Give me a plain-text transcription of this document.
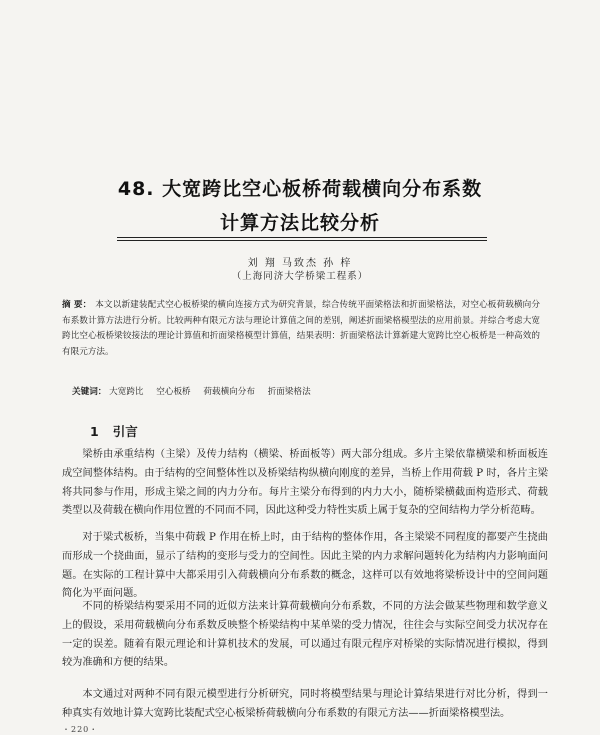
48. 大宽跨比空心板桥荷载横向分布系数
计算方法比较分析
刘 翔 马致杰 孙 梓
（上海同济大学桥梁工程系）
摘 要： 本文以新建装配式空心板桥梁的横向连接方式为研究背景，综合传统平面梁格法和折面梁格法，对空心板荷载横向分布系数计算方法进行分析。比较两种有限元方法与理论计算值之间的差别，阐述折面梁格模型法的应用前景。并综合考虑大宽跨比空心板桥梁铰接法的理论计算值和折面梁格模型计算值，结果表明：折面梁格法计算新建大宽跨比空心板桥是一种高效的有限元方法。
关键词： 大宽跨比 空心板桥 荷载横向分布 折面梁格法
1 引言

梁桥由承重结构（主梁）及传力结构（横梁、桥面板等）两大部分组成。多片主梁依靠横梁和桥面板连成空间整体结构。由于结构的空间整体性以及桥梁结构纵横向刚度的差异，当桥上作用荷载 P 时，各片主梁将共同参与作用，形成主梁之间的内力分布。每片主梁分布得到的内力大小，随桥梁横截面构造形式、荷载类型以及荷载在横向作用位置的不同而不同，因此这种受力特性实质上属于复杂的空间结构力学分析范畴。

对于梁式板桥，当集中荷载 P 作用在桥上时，由于结构的整体作用，各主梁梁不同程度的都要产生挠曲而形成一个挠曲面，显示了结构的变形与受力的空间性。因此主梁的内力求解问题转化为结构内力影响面问题。在实际的工程计算中大都采用引入荷载横向分布系数的概念，这样可以有效地将梁桥设计中的空间问题简化为平面问题。

不同的桥梁结构要采用不同的近似方法来计算荷载横向分布系数，不同的方法会做某些物理和数学意义上的假设，采用荷载横向分布系数反映整个桥梁结构中某单梁的受力情况，往往会与实际空间受力状况存在一定的误差。随着有限元理论和计算机技术的发展，可以通过有限元程序对桥梁的实际情况进行模拟，得到较为准确和方便的结果。

本文通过对两种不同有限元模型进行分析研究，同时将模型结果与理论计算结果进行对比分析，得到一种真实有效地计算大宽跨比装配式空心板梁桥荷载横向分布系数的有限元方法——折面梁格模型法。

・220・
